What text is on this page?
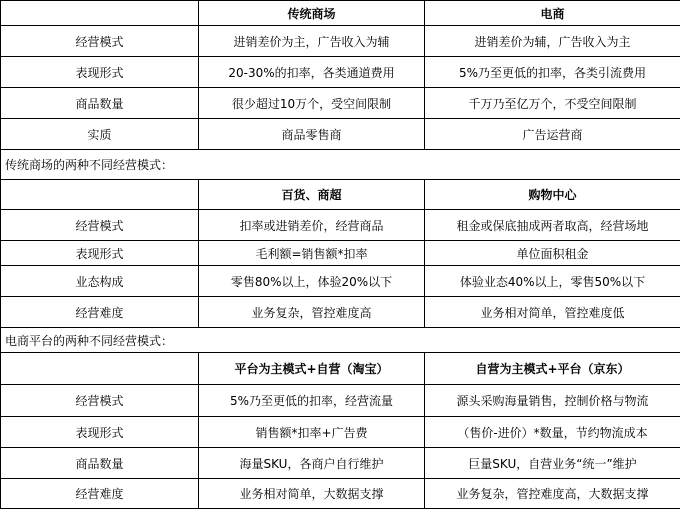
	传统商场	电商
经营模式	进销差价为主，广告收入为辅	进销差价为辅，广告收入为主
表现形式	20-30%的扣率，各类通道费用	5%乃至更低的扣率，各类引流费用
商品数量	很少超过10万个，受空间限制	千万乃至亿万个，不受空间限制
实质	商品零售商	广告运营商
传统商场的两种不同经营模式：		
	百货、商超	购物中心
经营模式	扣率或进销差价，经营商品	租金或保底抽成两者取高，经营场地
表现形式	毛利额=销售额*扣率	单位面积租金
业态构成	零售80%以上，体验20%以下	体验业态40%以上，零售50%以下
经营难度	业务复杂，管控难度高	业务相对简单，管控难度低
电商平台的两种不同经营模式：		
	平台为主模式+自营（淘宝）	自营为主模式+平台（京东）
经营模式	5%乃至更低的扣率，经营流量	源头采购海量销售，控制价格与物流
表现形式	销售额*扣率+广告费	（售价-进价）*数量，节约物流成本
商品数量	海量SKU，各商户自行维护	巨量SKU，自营业务“统一”维护
经营难度	业务相对简单，大数据支撑	业务复杂，管控难度高，大数据支撑
